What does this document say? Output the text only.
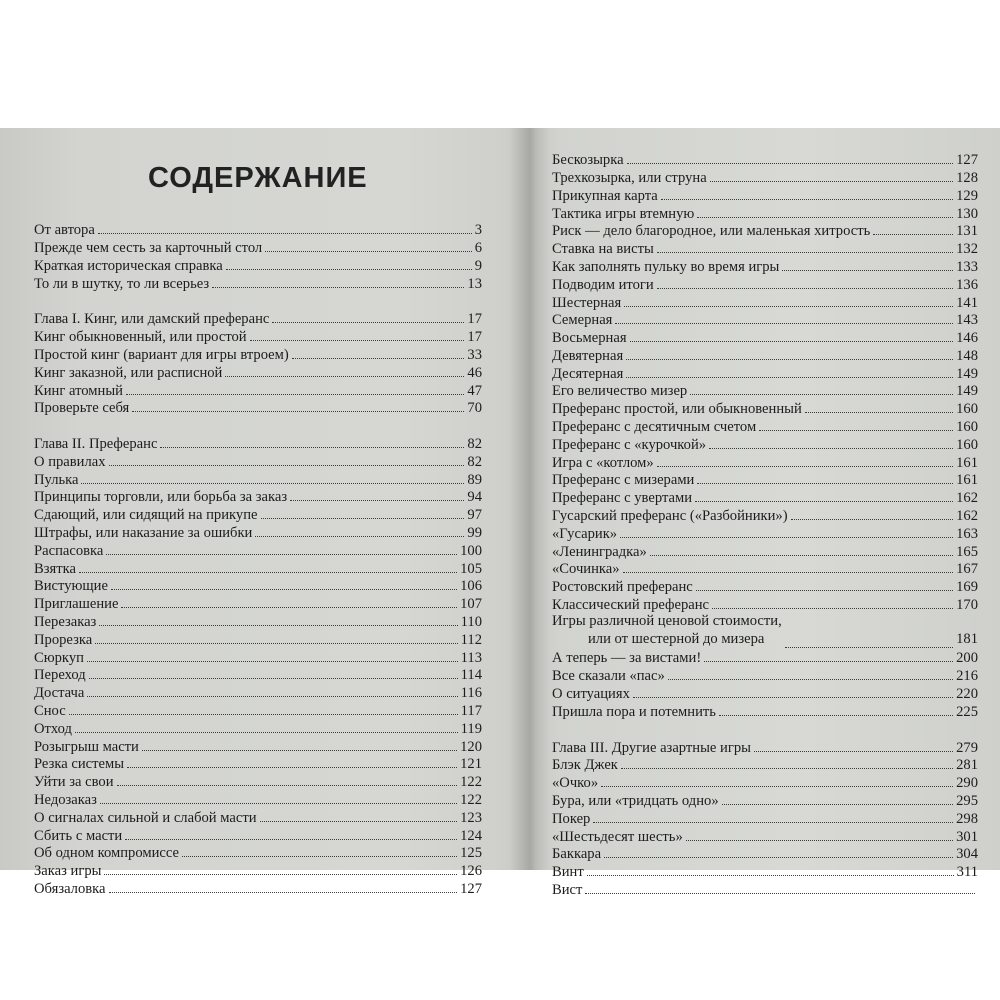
СОДЕРЖАНИЕ
От автора	3
Прежде чем сесть за карточный стол	6
Краткая историческая справка	9
То ли в шутку, то ли всерьез	13
Глава I. Кинг, или дамский преферанс	17
Кинг обыкновенный, или простой	17
Простой кинг (вариант для игры втроем)	33
Кинг заказной, или расписной	46
Кинг атомный	47
Проверьте себя	70
Глава II. Преферанс	82
О правилах	82
Пулька	89
Принципы торговли, или борьба за заказ	94
Сдающий, или сидящий на прикупе	97
Штрафы, или наказание за ошибки	99
Распасовка	100
Взятка	105
Вистующие	106
Приглашение	107
Перезаказ	110
Прорезка	112
Сюркуп	113
Переход	114
Достача	116
Снос	117
Отход	119
Розыгрыш масти	120
Резка системы	121
Уйти за свои	122
Недозаказ	122
О сигналах сильной и слабой масти	123
Сбить с масти	124
Об одном компромиссе	125
Заказ игры	126
Обязаловка	127
Бескозырка	127
Трехкозырка, или струна	128
Прикупная карта	129
Тактика игры втемную	130
Риск — дело благородное, или маленькая хитрость	131
Ставка на висты	132
Как заполнять пульку во время игры	133
Подводим итоги	136
Шестерная	141
Семерная	143
Восьмерная	146
Девятерная	148
Десятерная	149
Его величество мизер	149
Преферанс простой, или обыкновенный	160
Преферанс с десятичным счетом	160
Преферанс с «курочкой»	160
Игра с «котлом»	161
Преферанс с мизерами	161
Преферанс с увертами	162
Гусарский преферанс («Разбойники»)	162
«Гусарик»	163
«Ленинградка»	165
«Сочинка»	167
Ростовский преферанс	169
Классический преферанс	170
Игры различной ценовой стоимости,
или от шестерной до мизера	181
А теперь — за вистами!	200
Все сказали «пас»	216
О ситуациях	220
Пришла пора и потемнить	225
Глава III. Другие азартные игры	279
Блэк Джек	281
«Очко»	290
Бура, или «тридцать одно»	295
Покер	298
«Шестьдесят шесть»	301
Баккара	304
Винт	311
Вист
